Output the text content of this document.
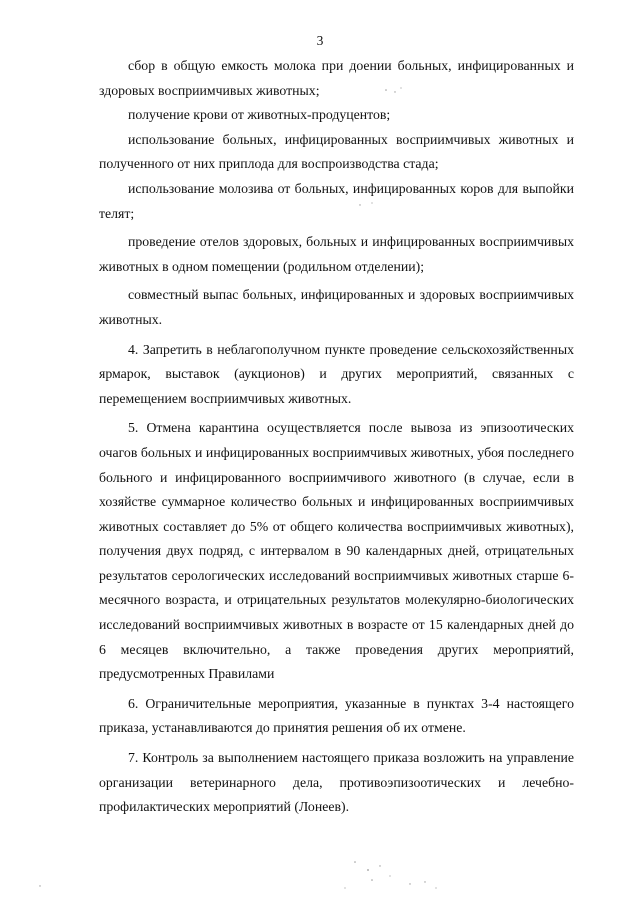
3

сбор в общую емкость молока при доении больных, инфицированных и здоровых восприимчивых животных;

получение крови от животных-продуцентов;

использование больных, инфицированных восприимчивых животных и полученного от них приплода для воспроизводства стада;

использование молозива от больных, инфицированных коров для выпойки телят;

проведение отелов здоровых, больных и инфицированных восприимчивых животных в одном помещении (родильном отделении);

совместный выпас больных, инфицированных и здоровых восприимчивых животных.

4. Запретить в неблагополучном пункте проведение сельскохозяйственных ярмарок, выставок (аукционов) и других мероприятий, связанных с перемещением восприимчивых животных.

5. Отмена карантина осуществляется после вывоза из эпизоотических очагов больных и инфицированных восприимчивых животных, убоя последнего больного и инфицированного восприимчивого животного (в случае, если в хозяйстве суммарное количество больных и инфицированных восприимчивых животных составляет до 5% от общего количества восприимчивых животных), получения двух подряд, с интервалом в 90 календарных дней, отрицательных результатов серологических исследований восприимчивых животных старше 6-месячного возраста, и отрицательных результатов молекулярно-биологических исследований восприимчивых животных в возрасте от 15 календарных дней до 6 месяцев включительно, а также проведения других мероприятий, предусмотренных Правилами

6. Ограничительные мероприятия, указанные в пунктах 3-4 настоящего приказа, устанавливаются до принятия решения об их отмене.

7. Контроль за выполнением настоящего приказа возложить на управление организации ветеринарного дела, противоэпизоотических и лечебно-профилактических мероприятий (Лонеев).
